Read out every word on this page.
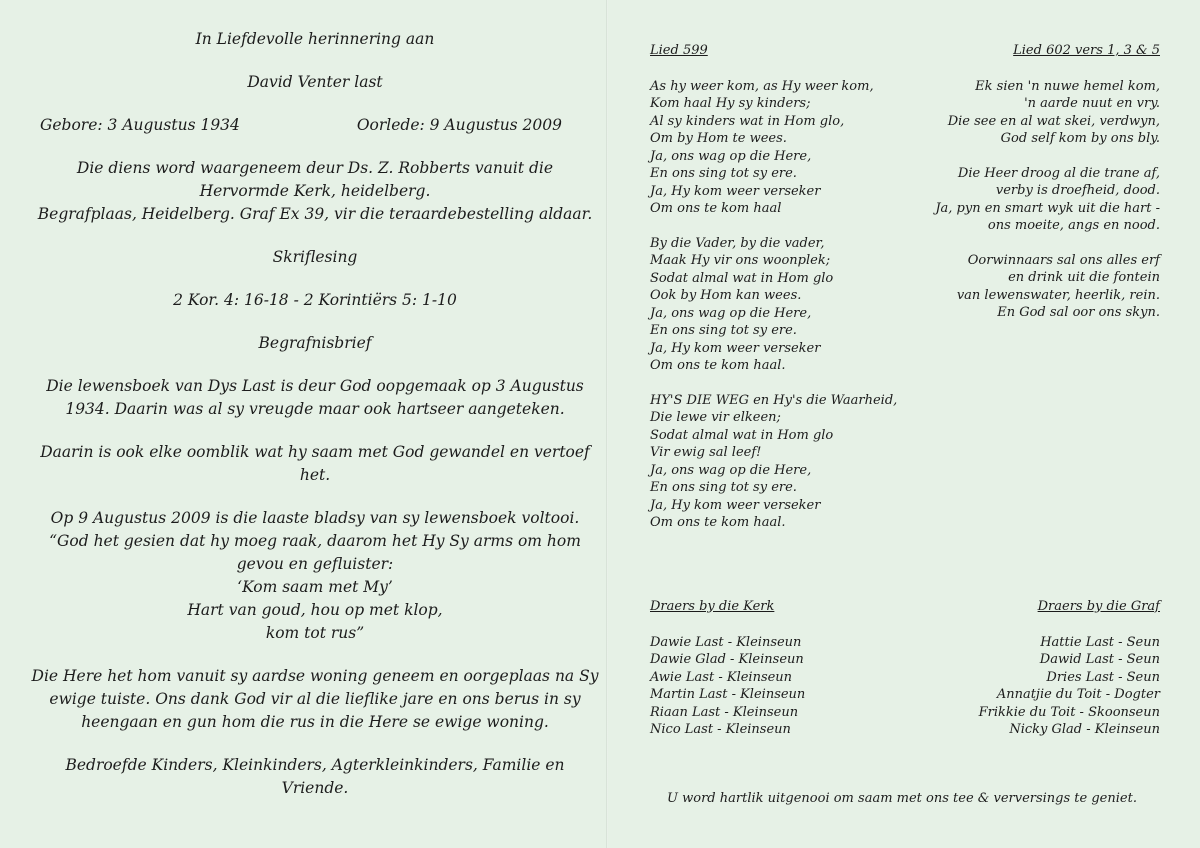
In Liefdevolle herinnering aan

David Venter last

Gebore: 3 Augustus 1934	Oorlede: 9 Augustus 2009

Die diens word waargeneem deur Ds. Z. Robberts vanuit die Hervormde Kerk, heidelberg.

Begrafplaas, Heidelberg. Graf Ex 39, vir die teraardebestelling aldaar.

Skriflesing

2 Kor. 4: 16-18 - 2 Korintiërs 5: 1-10

Begrafnisbrief

Die lewensboek van Dys Last is deur God oopgemaak op 3 Augustus 1934. Daarin was al sy vreugde maar ook hartseer aangeteken.

Daarin is ook elke oomblik wat hy saam met God gewandel en vertoef het.

Op 9 Augustus 2009 is die laaste bladsy van sy lewensboek voltooi.

“God het gesien dat hy moeg raak, daarom het Hy Sy arms om hom gevou en gefluister:

‘Kom saam met My’

Hart van goud, hou op met klop,

kom tot rus”

Die Here het hom vanuit sy aardse woning geneem en oorgeplaas na Sy ewige tuiste. Ons dank God vir al die lieflike jare en ons berus in sy heengaan en gun hom die rus in die Here se ewige woning.

Bedroefde Kinders, Kleinkinders, Agterkleinkinders, Familie en Vriende.

Lied 599
As hy weer kom, as Hy weer kom,
Kom haal Hy sy kinders;
Al sy kinders wat in Hom glo,
Om by Hom te wees.
Ja, ons wag op die Here,
En ons sing tot sy ere.
Ja, Hy kom weer verseker
Om ons te kom haal
By die Vader, by die vader,
Maak Hy vir ons woonplek;
Sodat almal wat in Hom glo
Ook by Hom kan wees.
Ja, ons wag op die Here,
En ons sing tot sy ere.
Ja, Hy kom weer verseker
Om ons te kom haal.
HY'S DIE WEG en Hy's die Waarheid,
Die lewe vir elkeen;
Sodat almal wat in Hom glo
Vir ewig sal leef!
Ja, ons wag op die Here,
En ons sing tot sy ere.
Ja, Hy kom weer verseker
Om ons te kom haal.
Lied 602 vers 1, 3 & 5
Ek sien 'n nuwe hemel kom,
'n aarde nuut en vry.
Die see en al wat skei, verdwyn,
God self kom by ons bly.
Die Heer droog al die trane af,
verby is droefheid, dood.
Ja, pyn en smart wyk uit die hart -
ons moeite, angs en nood.
Oorwinnaars sal ons alles erf
en drink uit die fontein
van lewenswater, heerlik, rein.
En God sal oor ons skyn.
Draers by die Kerk
Dawie Last - Kleinseun
Dawie Glad - Kleinseun
Awie Last - Kleinseun
Martin Last - Kleinseun
Riaan Last - Kleinseun
Nico Last - Kleinseun
Draers by die Graf
Hattie Last - Seun
Dawid Last - Seun
Dries Last - Seun
Annatjie du Toit - Dogter
Frikkie du Toit - Skoonseun
Nicky Glad - Kleinseun

U word hartlik uitgenooi om saam met ons tee & verversings te geniet.
